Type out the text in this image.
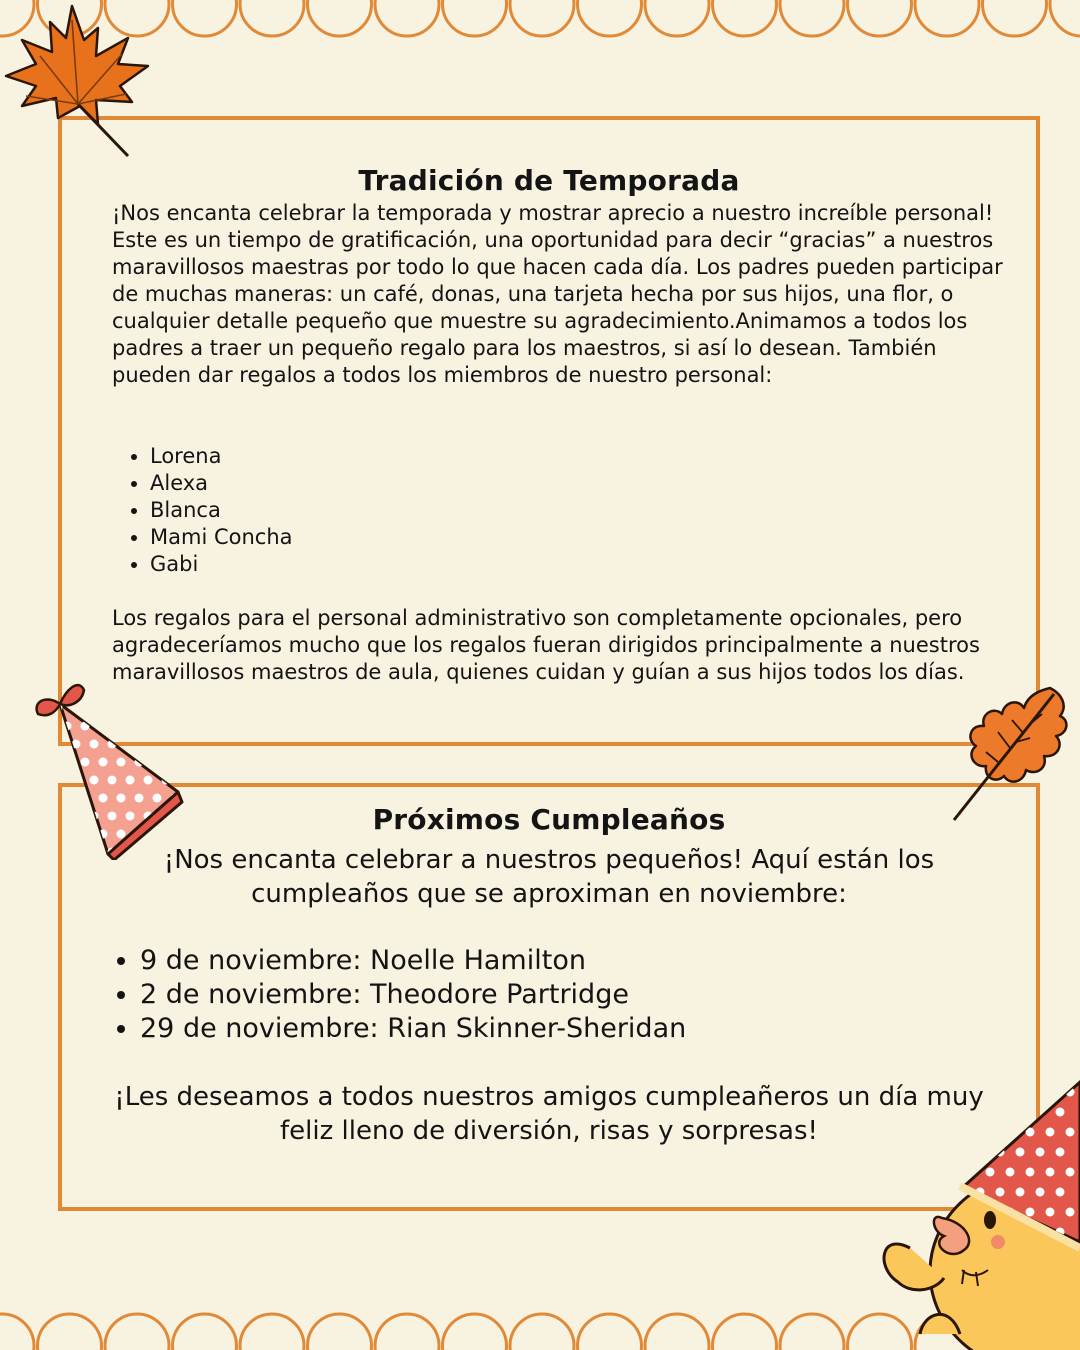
Tradición de Temporada

¡Nos encanta celebrar la temporada y mostrar aprecio a nuestro increíble personal! Este es un tiempo de gratificación, una oportunidad para decir “gracias” a nuestros maravillosos maestras por todo lo que hacen cada día. Los padres pueden participar de muchas maneras: un café, donas, una tarjeta hecha por sus hijos, una flor, o cualquier detalle pequeño que muestre su agradecimiento.Animamos a todos los padres a traer un pequeño regalo para los maestros, si así lo desean. También pueden dar regalos a todos los miembros de nuestro personal:

• Lorena
• Alexa
• Blanca
• Mami Concha
• Gabi

Los regalos para el personal administrativo son completamente opcionales, pero agradeceríamos mucho que los regalos fueran dirigidos principalmente a nuestros maravillosos maestros de aula, quienes cuidan y guían a sus hijos todos los días.

Próximos Cumpleaños

¡Nos encanta celebrar a nuestros pequeños! Aquí están los cumpleaños que se aproximan en noviembre:

• 9 de noviembre: Noelle Hamilton
• 2 de noviembre: Theodore Partridge
• 29 de noviembre: Rian Skinner-Sheridan

¡Les deseamos a todos nuestros amigos cumpleañeros un día muy feliz lleno de diversión, risas y sorpresas!
